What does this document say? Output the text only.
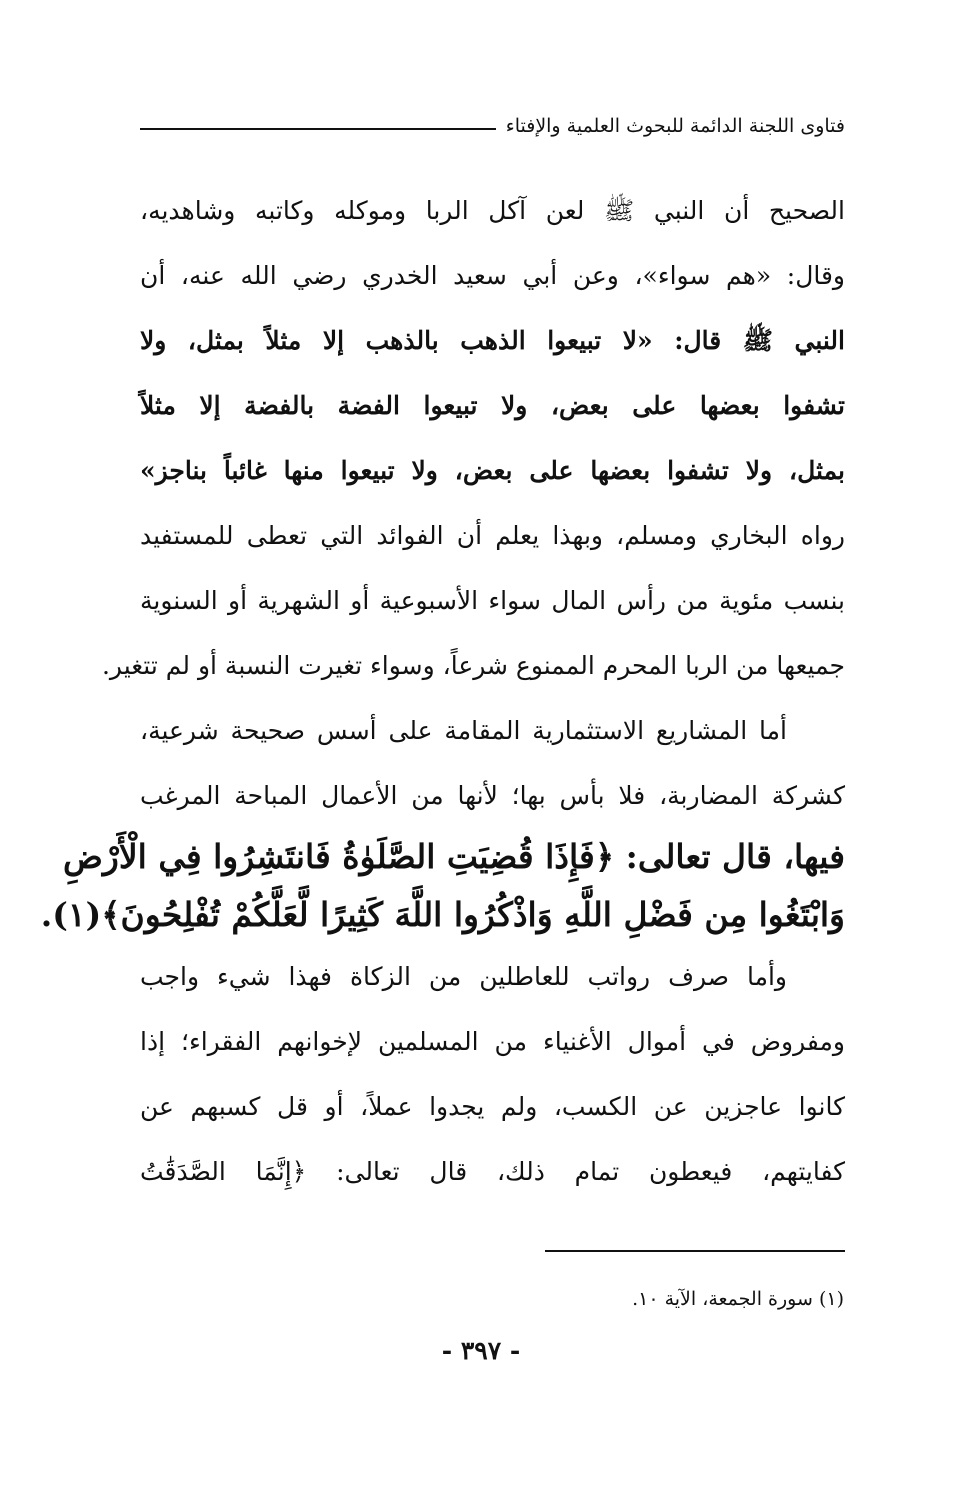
فتاوى اللجنة الدائمة للبحوث العلمية والإفتاء
الصحيح أن النبي ﷺ لعن آكل الربا وموكله وكاتبه وشاهديه،
وقال: «هم سواء»، وعن أبي سعيد الخدري رضي الله عنه، أن
النبي ﷺ قال: «لا تبيعوا الذهب بالذهب إلا مثلاً بمثل، ولا
تشفوا بعضها على بعض، ولا تبيعوا الفضة بالفضة إلا مثلاً
بمثل، ولا تشفوا بعضها على بعض، ولا تبيعوا منها غائباً بناجز»
رواه البخاري ومسلم، وبهذا يعلم أن الفوائد التي تعطى للمستفيد
بنسب مئوية من رأس المال سواء الأسبوعية أو الشهرية أو السنوية
جميعها من الربا المحرم الممنوع شرعاً، وسواء تغيرت النسبة أو لم تتغير.
أما المشاريع الاستثمارية المقامة على أسس صحيحة شرعية،
كشركة المضاربة، فلا بأس بها؛ لأنها من الأعمال المباحة المرغب
فيها، قال تعالى: ﴿فَإِذَا قُضِيَتِ الصَّلَوٰةُ فَانتَشِرُوا فِي الْأَرْضِ
وَابْتَغُوا مِن فَضْلِ اللَّهِ وَاذْكُرُوا اللَّهَ كَثِيرًا لَّعَلَّكُمْ تُفْلِحُونَ﴾(١).
وأما صرف رواتب للعاطلين من الزكاة فهذا شيء واجب
ومفروض في أموال الأغنياء من المسلمين لإخوانهم الفقراء؛ إذا
كانوا عاجزين عن الكسب، ولم يجدوا عملاً، أو قل كسبهم عن
كفايتهم، فيعطون تمام ذلك، قال تعالى: ﴿إِنَّمَا الصَّدَقَٰتُ
(١) سورة الجمعة، الآية ١٠.
- ٣٩٧ -
